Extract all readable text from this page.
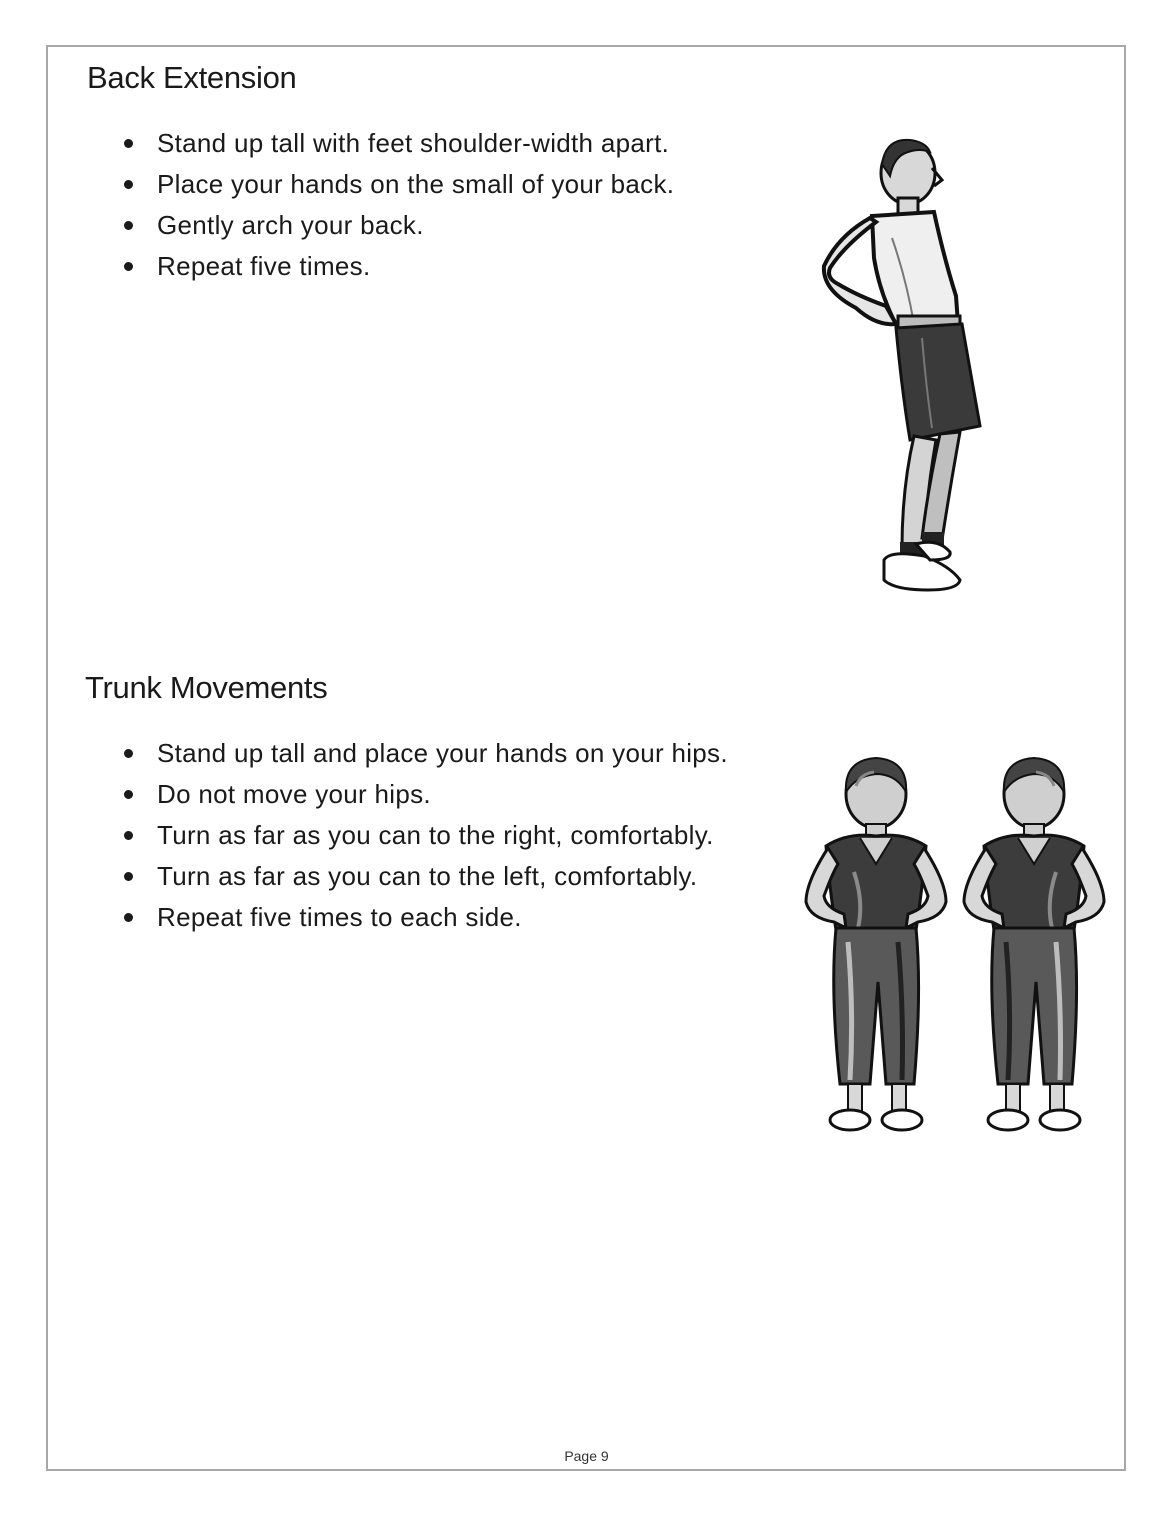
Back Extension
Stand up tall with feet shoulder-width apart.
Place your hands on the small of your back.
Gently arch your back.
Repeat five times.
Trunk Movements
Stand up tall and place your hands on your hips.
Do not move your hips.
Turn as far as you can to the right, comfortably.
Turn as far as you can to the left, comfortably.
Repeat five times to each side.
Page 9
